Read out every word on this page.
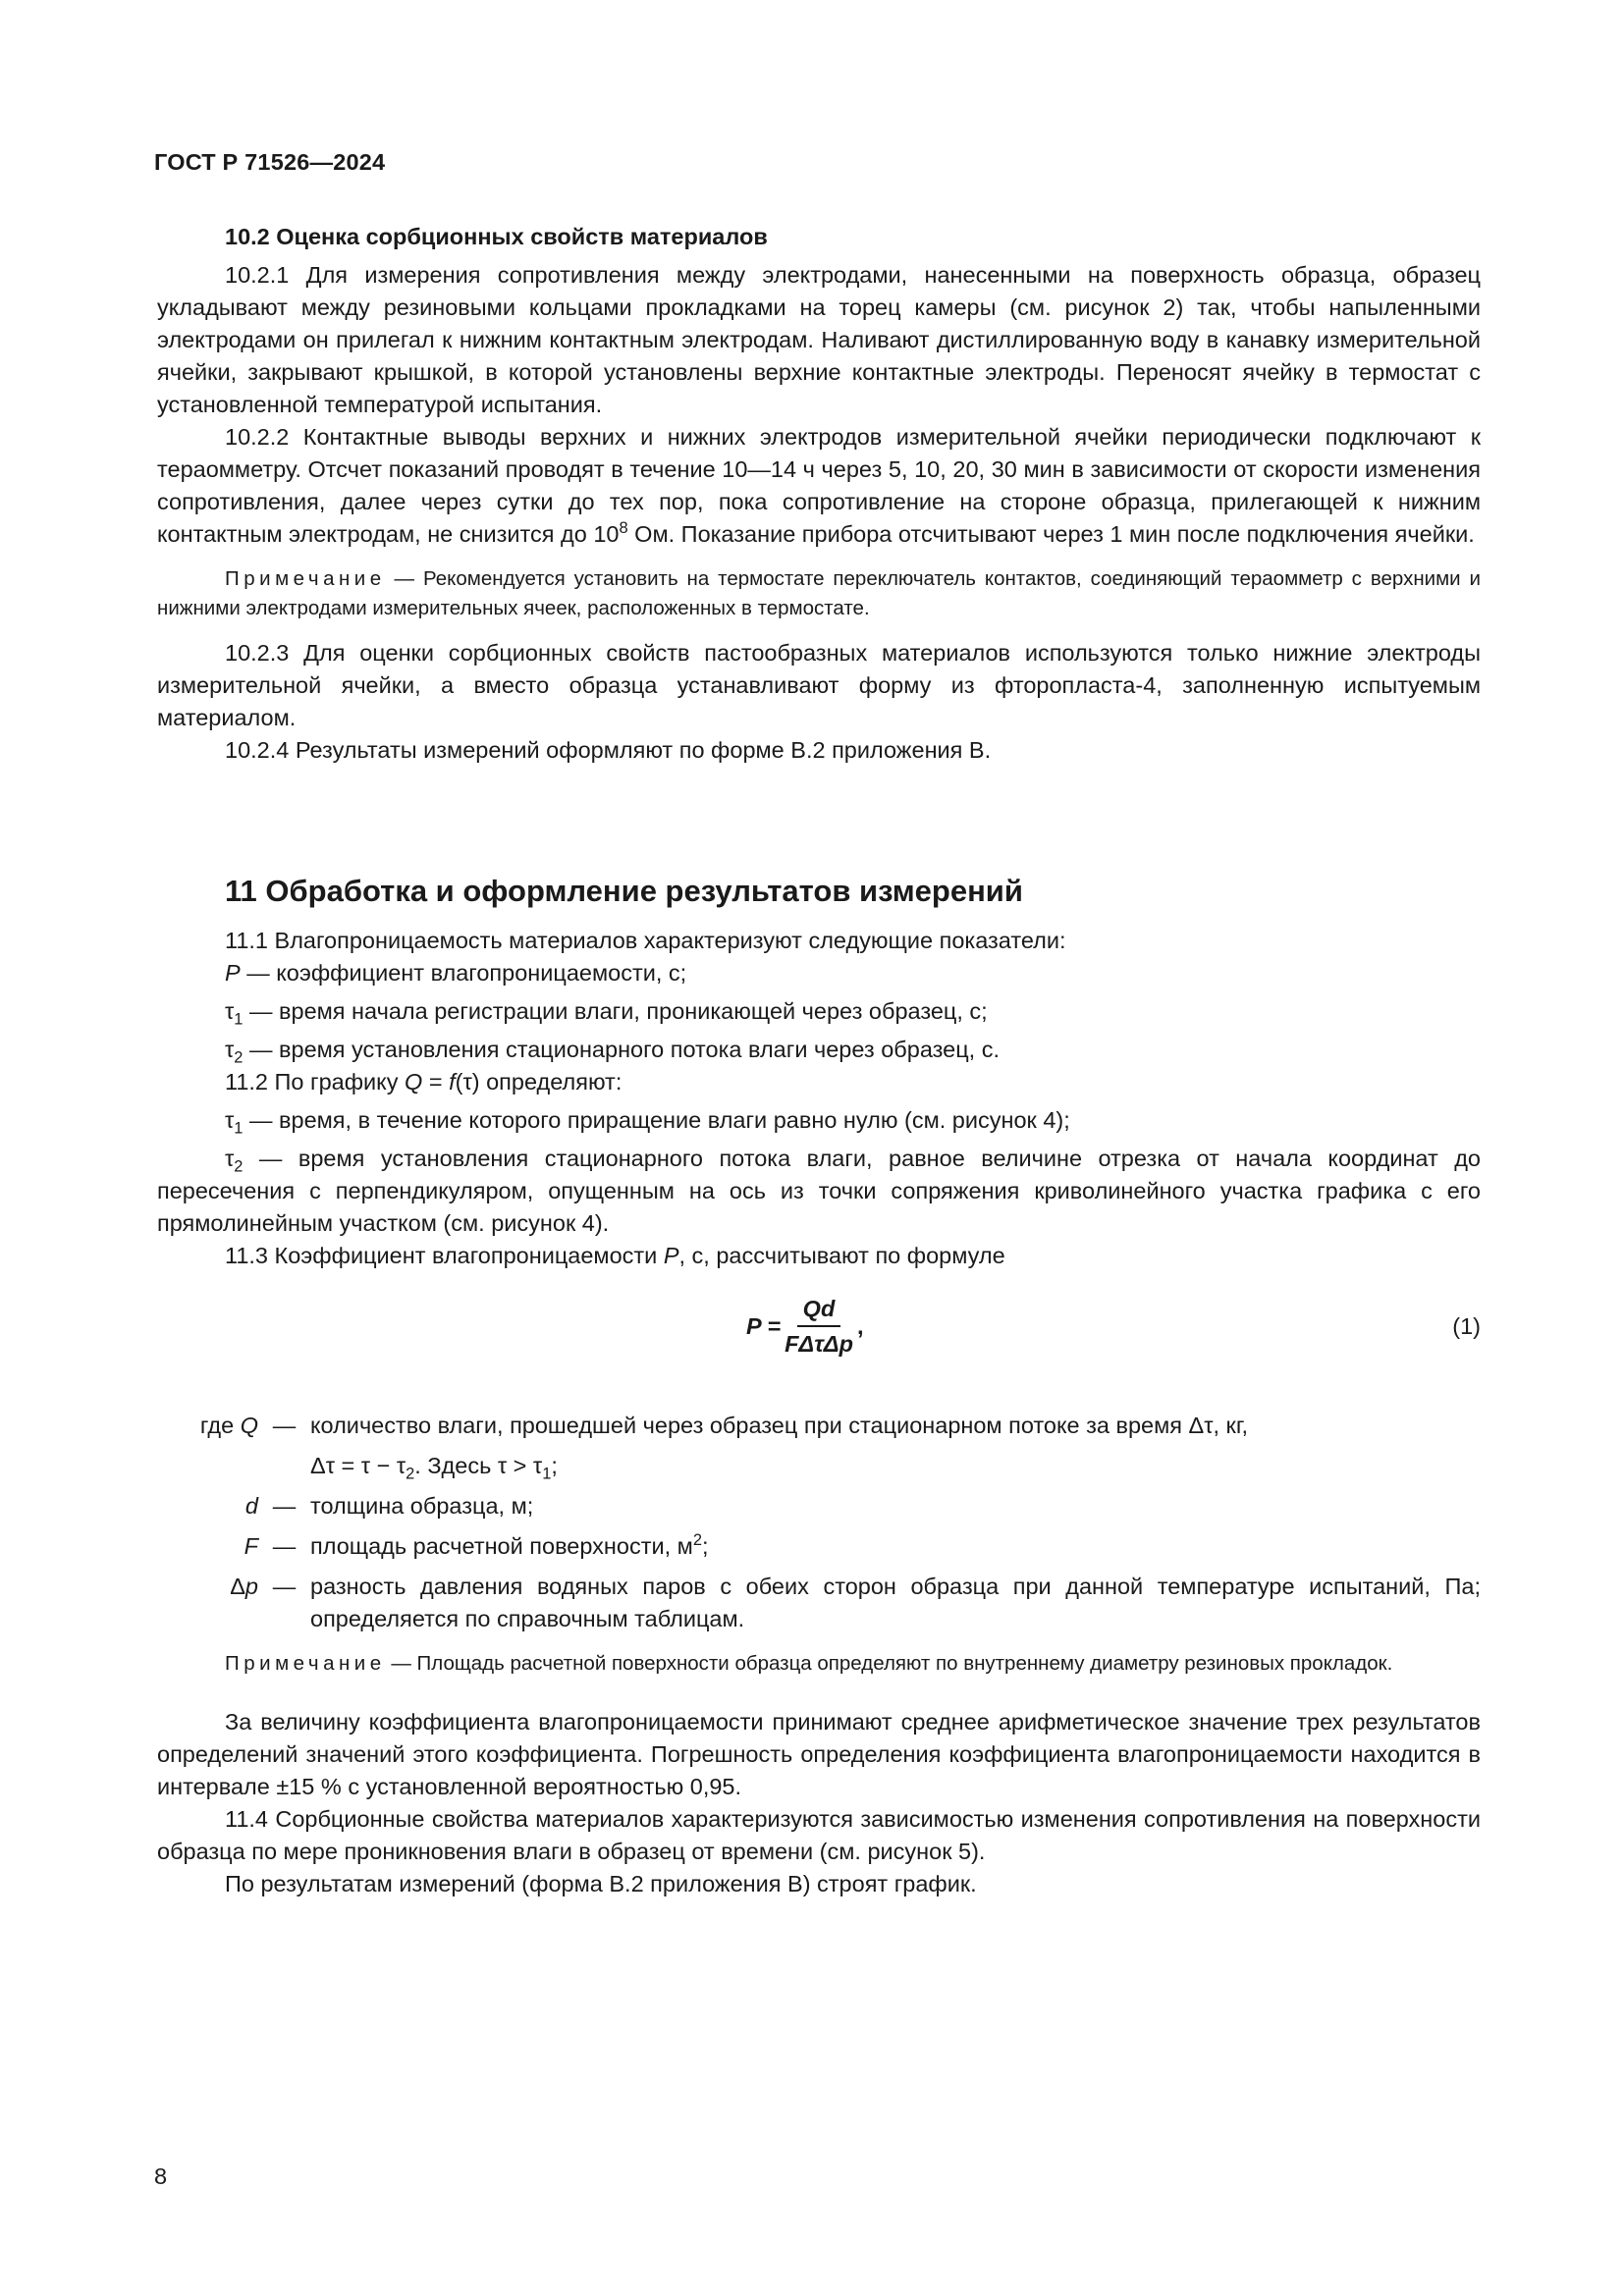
ГОСТ Р 71526—2024

10.2 Оценка сорбционных свойств материалов

10.2.1 Для измерения сопротивления между электродами, нанесенными на поверхность образца, образец укладывают между резиновыми кольцами прокладками на торец камеры (см. рисунок 2) так, чтобы напыленными электродами он прилегал к нижним контактным электродам. Наливают дистиллированную воду в канавку измерительной ячейки, закрывают крышкой, в которой установлены верхние контактные электроды. Переносят ячейку в термостат с установленной температурой испытания.

10.2.2 Контактные выводы верхних и нижних электродов измерительной ячейки периодически подключают к тераомметру. Отсчет показаний проводят в течение 10—14 ч через 5, 10, 20, 30 мин в зависимости от скорости изменения сопротивления, далее через сутки до тех пор, пока сопротивление на стороне образца, прилегающей к нижним контактным электродам, не снизится до $10^8$ Ом. Показание прибора отсчитывают через 1 мин после подключения ячейки.

Примечание — Рекомендуется установить на термостате переключатель контактов, соединяющий тераомметр с верхними и нижними электродами измерительных ячеек, расположенных в термостате.

10.2.3 Для оценки сорбционных свойств пастообразных материалов используются только нижние электроды измерительной ячейки, а вместо образца устанавливают форму из фторопласта-4, заполненную испытуемым материалом.

10.2.4 Результаты измерений оформляют по форме В.2 приложения В.

11 Обработка и оформление результатов измерений

11.1 Влагопроницаемость материалов характеризуют следующие показатели:

P — коэффициент влагопроницаемости, с;

$\tau_1$ — время начала регистрации влаги, проникающей через образец, с;

$\tau_2$ — время установления стационарного потока влаги через образец, с.

11.2 По графику Q = f(τ) определяют:

$\tau_1$ — время, в течение которого приращение влаги равно нулю (см. рисунок 4);

$\tau_2$ — время установления стационарного потока влаги, равное величине отрезка от начала координат до пересечения с перпендикуляром, опущенным на ось из точки сопряжения криволинейного участка графика с его прямолинейным участком (см. рисунок 4).

11.3 Коэффициент влагопроницаемости P, с, рассчитывают по формуле

$P = \frac{Qd}{\text{FΔτΔp}}$ ,	(1)
где Q — количество влаги, прошедшей через образец при стационарном потоке за время Δτ, кг,
$\Delta\tau = \tau - \tau_2$. Здесь $\tau > \tau_1$;
d — толщина образца, м;
F — площадь расчетной поверхности, $м^2$;
Δp — разность давления водяных паров с обеих сторон образца при данной температуре испытаний, Па; определяется по справочным таблицам.

Примечание — Площадь расчетной поверхности образца определяют по внутреннему диаметру резиновых прокладок.

За величину коэффициента влагопроницаемости принимают среднее арифметическое значение трех результатов определений значений этого коэффициента. Погрешность определения коэффициента влагопроницаемости находится в интервале ±15 % с установленной вероятностью 0,95.

11.4 Сорбционные свойства материалов характеризуются зависимостью изменения сопротивления на поверхности образца по мере проникновения влаги в образец от времени (см. рисунок 5).

По результатам измерений (форма В.2 приложения В) строят график.

8
